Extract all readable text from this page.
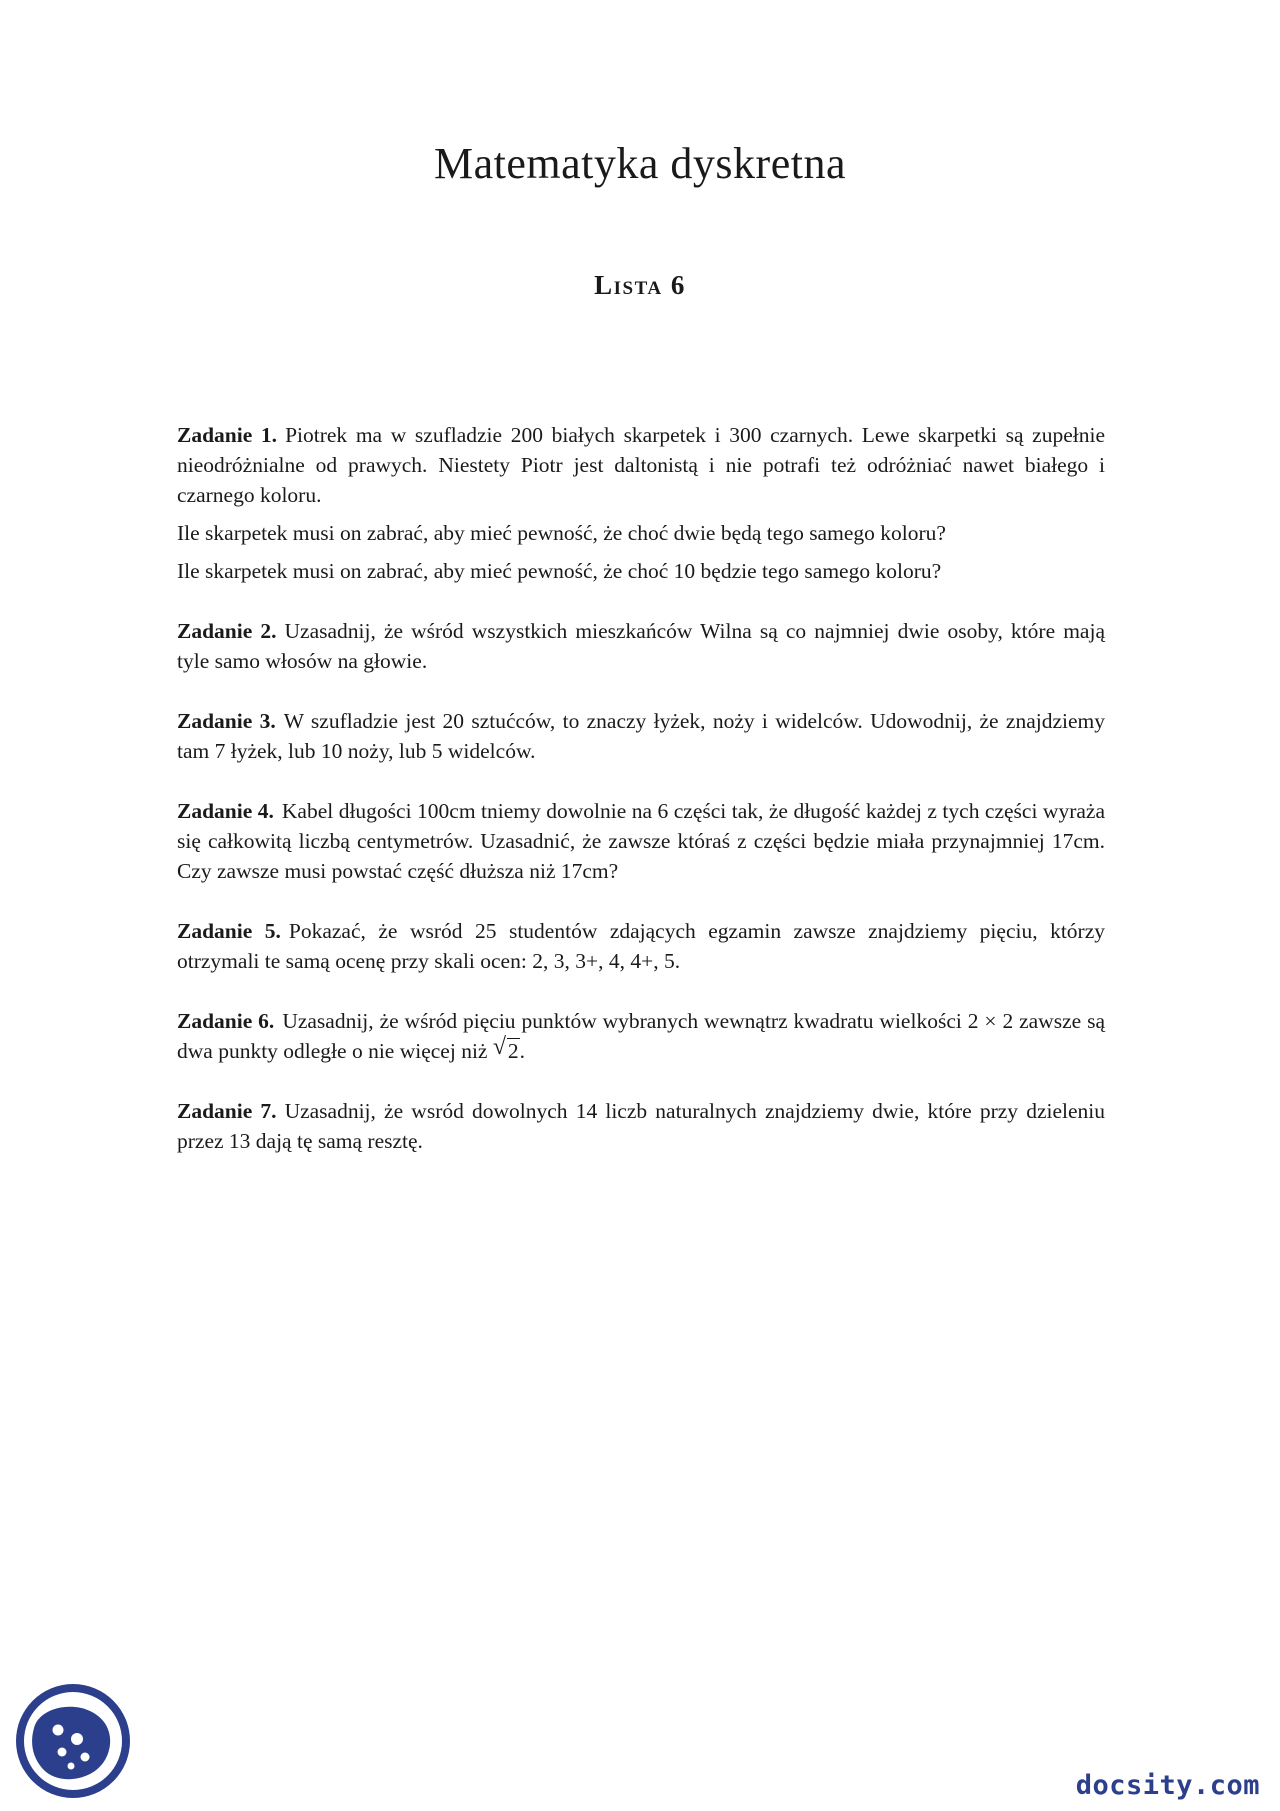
Matematyka dyskretna
Lista 6

Zadanie 1. Piotrek ma w szufladzie 200 białych skarpetek i 300 czarnych. Lewe skarpetki są zupełnie nieodróżnialne od prawych. Niestety Piotr jest daltonistą i nie potrafi też odróżniać nawet białego i czarnego koloru.

Ile skarpetek musi on zabrać, aby mieć pewność, że choć dwie będą tego samego koloru?

Ile skarpetek musi on zabrać, aby mieć pewność, że choć 10 będzie tego samego koloru?

Zadanie 2. Uzasadnij, że wśród wszystkich mieszkańców Wilna są co najmniej dwie osoby, które mają tyle samo włosów na głowie.

Zadanie 3. W szufladzie jest 20 sztućców, to znaczy łyżek, noży i widelców. Udowodnij, że znajdziemy tam 7 łyżek, lub 10 noży, lub 5 widelców.

Zadanie 4. Kabel długości 100cm tniemy dowolnie na 6 części tak, że długość każdej z tych części wyraża się całkowitą liczbą centymetrów. Uzasadnić, że zawsze któraś z części będzie miała przynajmniej 17cm. Czy zawsze musi powstać część dłuższa niż 17cm?

Zadanie 5. Pokazać, że wsród 25 studentów zdających egzamin zawsze znajdziemy pięciu, którzy otrzymali te samą ocenę przy skali ocen: 2, 3, 3+, 4, 4+, 5.

Zadanie 6. Uzasadnij, że wśród pięciu punktów wybranych wewnątrz kwadratu wielkości 2 × 2 zawsze są dwa punkty odległe o nie więcej niż √ 2.

Zadanie 7. Uzasadnij, że wsród dowolnych 14 liczb naturalnych znajdziemy dwie, które przy dzieleniu przez 13 dają tę samą resztę.

docsity.com
